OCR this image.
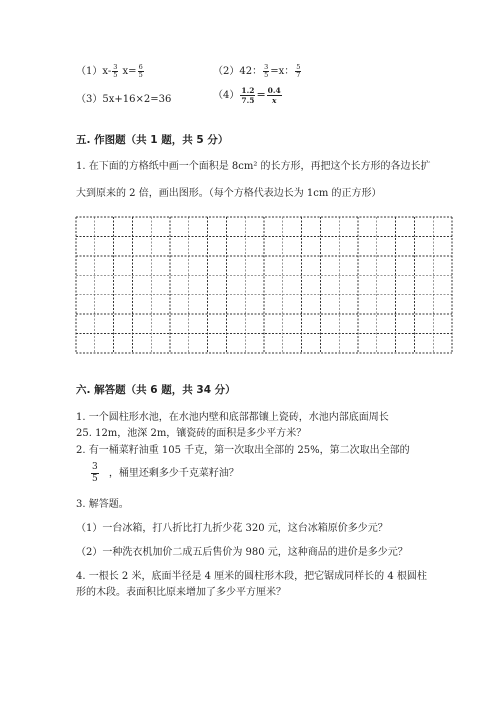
$(1)x- \frac{3}{5} x= \frac{6}{5}$	（2）42： $\frac{3}{5} =x$： $\frac{5}{7}$
（3）5x+16×2=36	$(4) \frac{1.2}{7.5} = \frac{0.4}{x}$
五. 作图题（共 1 题，共 5 分）
1. 在下面的方格纸中画一个面积是 8cm² 的长方形，再把这个长方形的各边长扩
大到原来的 2 倍，画出图形。（每个方格代表边长为 1cm 的正方形）
六. 解答题（共 6 题，共 34 分）
1. 一个圆柱形水池，在水池内壁和底部都镶上瓷砖，水池内部底面周长
25. 12m，池深 2m，镶瓷砖的面积是多少平方米？
2. 有一桶菜籽油重 105 千克，第一次取出全部的 25%，第二次取出全部的
$\frac{3}{5}$ ，桶里还剩多少千克菜籽油？
3. 解答题。
（1）一台冰箱，打八折比打九折少花 320 元，这台冰箱原价多少元？
（2）一种洗衣机加价二成五后售价为 980 元，这种商品的进价是多少元？
4. 一根长 2 米，底面半径是 4 厘米的圆柱形木段，把它锯成同样长的 4 根圆柱
形的木段。表面积比原来增加了多少平方厘米？
